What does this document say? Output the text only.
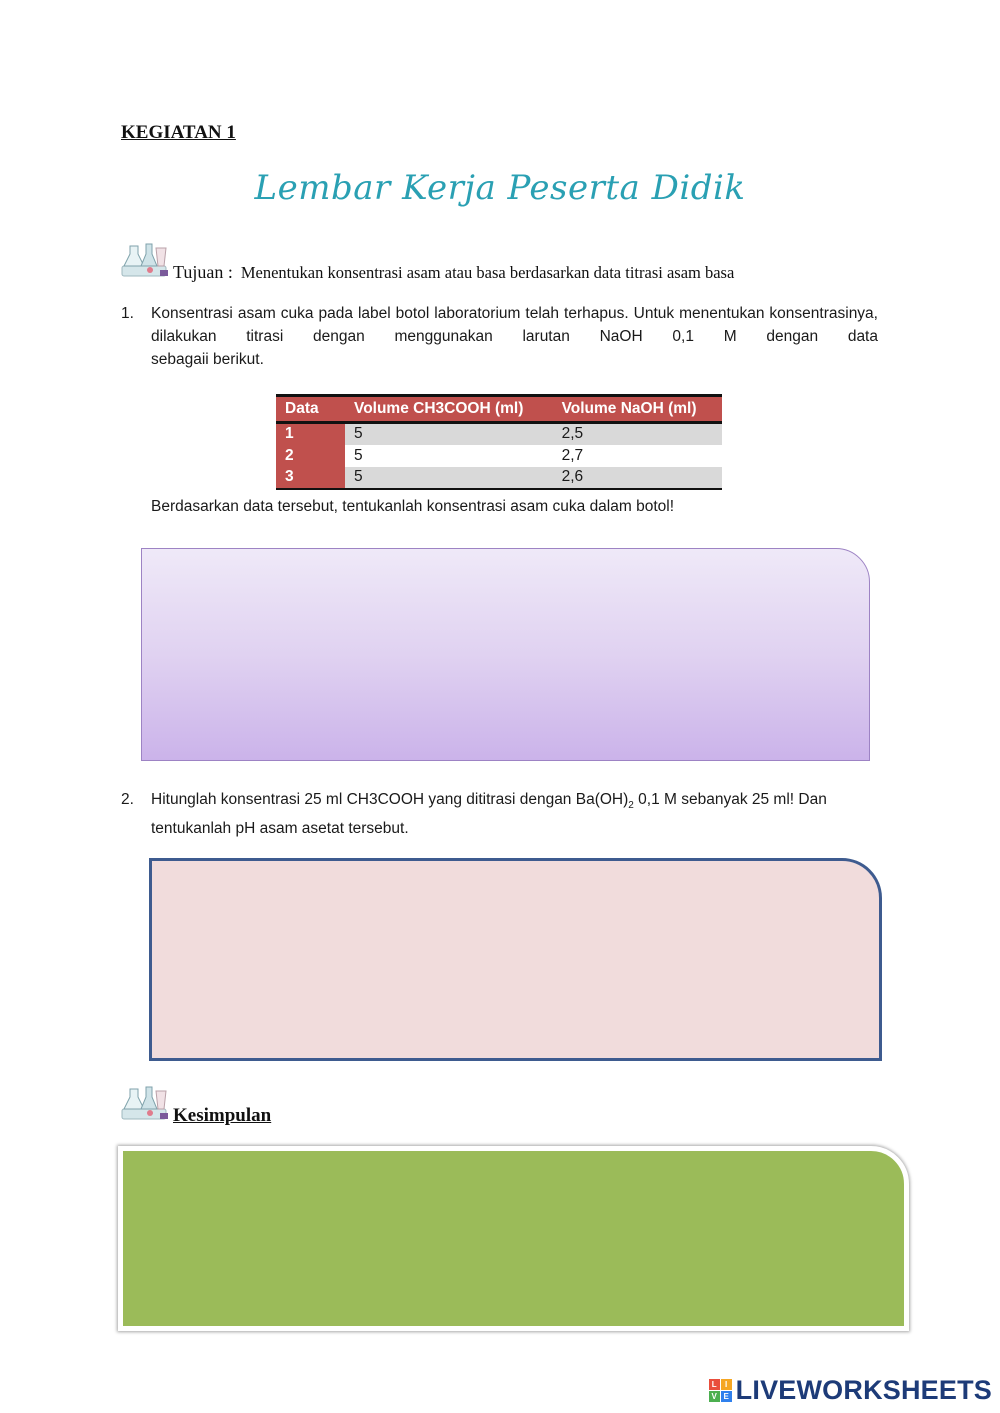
KEGIATAN 1
Lembar Kerja Peserta Didik
Tujuan : Menentukan konsentrasi asam atau basa berdasarkan data titrasi asam basa
1. Konsentrasi asam cuka pada label botol laboratorium telah terhapus. Untuk menentukan konsentrasinya, dilakukan titrasi dengan menggunakan larutan NaOH 0,1 M dengan data
sebagaii berikut.
Data	Volume CH3COOH (ml)	Volume NaOH (ml)
1	5	2,5
2	5	2,7
3	5	2,6
Berdasarkan data tersebut, tentukanlah konsentrasi asam cuka dalam botol!
2. Hitunglah konsentrasi 25 ml CH3COOH yang dititrasi dengan $Ba(OH)_2$ 0,1 M sebanyak 25 ml! Dan
tentukanlah pH asam asetat tersebut.
Kesimpulan
L	I
V E LIVEWORKSHEETS
